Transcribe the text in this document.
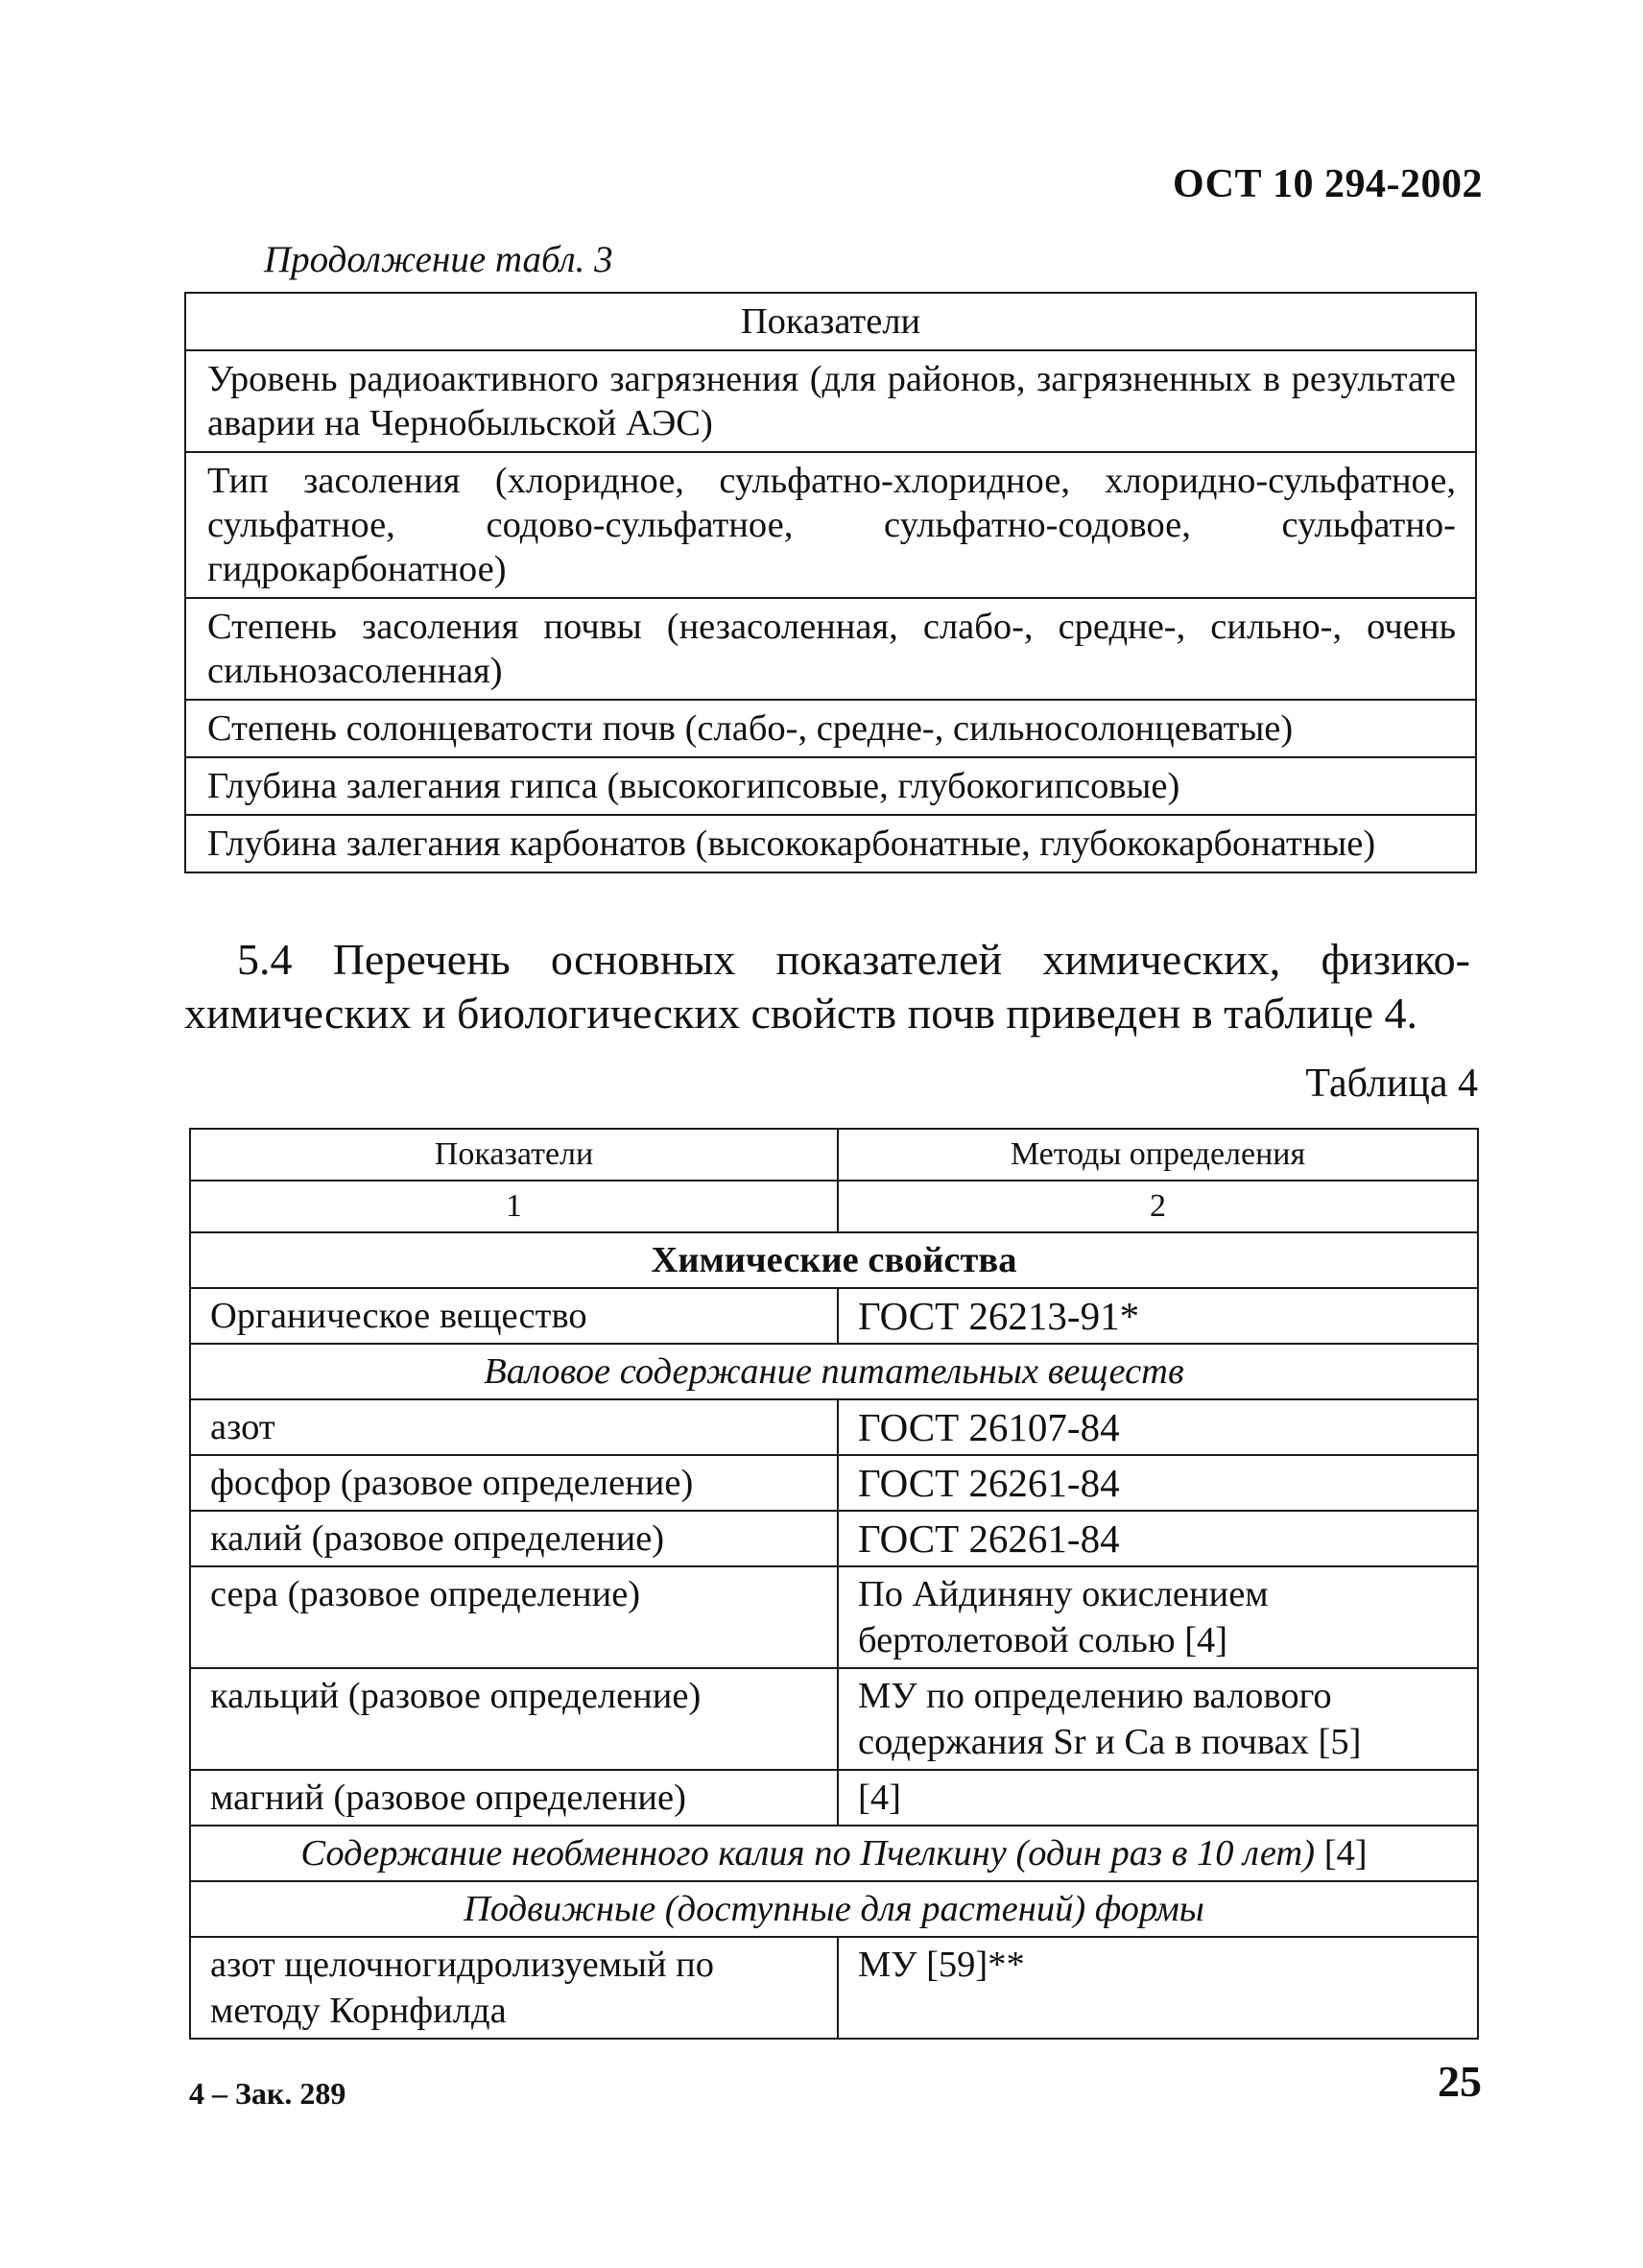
ОСТ 10 294-2002
Продолжение табл. 3
Показатели
Уровень радиоактивного загрязнения (для районов, загрязненных в результате аварии на Чернобыльской АЭС)
Тип засоления (хлоридное, сульфатно-хлоридное, хлоридно-сульфатное, сульфатное, содово-сульфатное, сульфатно-содовое, сульфатно-гидрокарбонатное)
Степень засоления почвы (незасоленная, слабо-, средне-, сильно-, очень сильнозасоленная)
Степень солонцеватости почв (слабо-, средне-, сильносолонцеватые)
Глубина залегания гипса (высокогипсовые, глубокогипсовые)
Глубина залегания карбонатов (высококарбонатные, глубококарбонатные)
5.4 Перечень основных показателей химических, физико-химических и биологических свойств почв приведен в таблице 4.
Таблица 4
Показатели	Методы определения
1	2
Химические свойства	
Органическое вещество	ГОСТ 26213-91*
Валовое содержание питательных веществ	
азот	ГОСТ 26107-84
фосфор (разовое определение)	ГОСТ 26261-84
калий (разовое определение)	ГОСТ 26261-84
сера (разовое определение)	По Айдиняну окислением бертолетовой солью [4]
кальций (разовое определение)	МУ по определению валового содержания Sr и Ca в почвах [5]
магний (разовое определение)	[4]
Содержание необменного калия по Пчелкину (один раз в 10 лет) [4]	
Подвижные (доступные для растений) формы	
азот щелочногидролизуемый по методу Корнфилда	МУ [59]**
4 – Зак. 289	25
